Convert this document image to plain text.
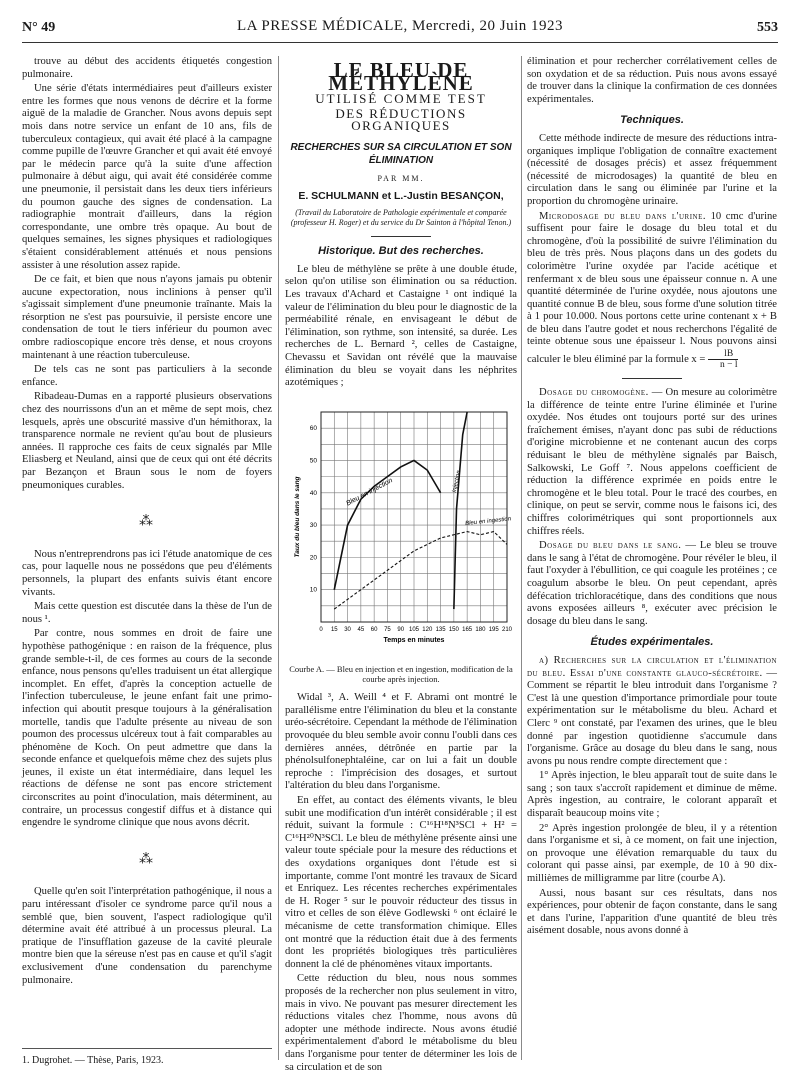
N° 49	LA PRESSE MÉDICALE, Mercredi, 20 Juin 1923	553

trouve au début des accidents étiquetés congestion pulmonaire.

Une série d'états intermédiaires peut d'ailleurs exister entre les formes que nous venons de décrire et la forme aiguë de la maladie de Grancher. Nous avons depuis sept mois dans notre service un enfant de 10 ans, fils de tuberculeux contagieux, qui avait été placé à la campagne comme pupille de l'œuvre Grancher et qui avait été envoyé par le médecin parce qu'à la suite d'une affection pulmonaire à début aigu, qui avait été considérée comme une pneumonie, il persistait dans les deux tiers inférieurs du poumon gauche des signes de condensation. La radiographie montrait d'ailleurs, dans la région correspondante, une ombre très opaque. Au bout de quelques semaines, les signes physiques et radiologiques s'étaient considérablement atténués et nous pensions assister à une résolution assez rapide.

De ce fait, et bien que nous n'ayons jamais pu obtenir aucune expectoration, nous inclinions à penser qu'il s'agissait simplement d'une pneumonie traînante. Mais la résorption ne s'est pas poursuivie, il persiste encore une condensation de tout le tiers inférieur du poumon avec ombre radioscopique encore très dense, et nous croyons maintenant à une réaction tuberculeuse.

De tels cas ne sont pas particuliers à la seconde enfance.

Ribadeau-Dumas en a rapporté plusieurs observations chez des nourrissons d'un an et même de sept mois, chez lesquels, après une obscurité massive d'un hémithorax, la transparence normale ne revient qu'au bout de plusieurs années. Il rapproche ces faits de ceux signalés par Mlle Eliasberg et Neuland, ainsi que de ceux qui ont été décrits par Bezançon et Braun sous le nom de foyers pneumoniques curables.

⁂

Nous n'entreprendrons pas ici l'étude anatomique de ces cas, pour laquelle nous ne possédons que peu d'éléments personnels, la plupart des enfants suivis étant encore vivants.

Mais cette question est discutée dans la thèse de l'un de nous ¹.

Par contre, nous sommes en droit de faire une hypothèse pathogénique : en raison de la fréquence, plus grande semble-t-il, de ces formes au cours de la seconde enfance, nous pensons qu'elles traduisent un état allergique incomplet. En effet, d'après la conception actuelle de l'infection tuberculeuse, le jeune enfant fait une primo-infection qui aboutit presque toujours à la généralisation mortelle, tandis que l'adulte présente au niveau de son poumon des processus ulcéreux tout à fait comparables au phénomène de Koch. On peut admettre que dans la seconde enfance et quelquefois même chez des sujets plus jeunes, il existe un état intermédiaire, dans lequel les réactions de défense ne sont pas encore strictement circonscrites au point d'inoculation, mais déterminent, au contraire, un processus congestif diffus et à distance qui engendre le syndrome clinique que nous avons décrit.

⁂

Quelle qu'en soit l'interprétation pathogénique, il nous a paru intéressant d'isoler ce syndrome parce qu'il nous a semblé que, bien souvent, l'aspect radiologique qu'il détermine avait été attribué à un processus pleural. La pratique de l'insufflation gazeuse de la cavité pleurale montre bien que la séreuse n'est pas en cause et qu'il s'agit exclusivement d'une condensation du parenchyme pulmonaire.

1. Dugrohet. — Thèse, Paris, 1923.
LE BLEU DE MÉTHYLÈNE
UTILISÉ COMME TEST
DES RÉDUCTIONS ORGANIQUES
RECHERCHES SUR SA CIRCULATION ET SON ÉLIMINATION
PAR MM.
E. SCHULMANN et L.-Justin BESANÇON,
(Travail du Laboratoire de Pathologie expérimentale et comparée (professeur H. Roger) et du service du Dr Sainton à l'hôpital Tenon.)
Historique. But des recherches.

Le bleu de méthylène se prête à une double étude, selon qu'on utilise son élimination ou sa réduction. Les travaux d'Achard et Castaigne ¹ ont indiqué la valeur de l'élimination du bleu pour le diagnostic de la perméabilité rénale, en envisageant le début de l'élimination, son rythme, son intensité, sa durée. Les recherches de L. Bernard ², celles de Castaigne, Chevassu et Savidan ont révélé que la mauvaise élimination du bleu se voyait dans les néphrites azotémiques ;

0 15 30 45 60 75 90 105 120 135 150 165 180 195 210
10
20
30
40
50
60
Temps en minutes
Taux du bleu dans le sang	Bleu en injection
Bleu en ingestion
Injection
Courbe A. — Bleu en injection et en ingestion, modification de la courbe après injection.

Widal ³, A. Weill ⁴ et F. Abrami ont montré le parallélisme entre l'élimination du bleu et la constante uréo-sécrétoire. Cependant la méthode de l'élimination provoquée du bleu semble avoir connu l'oubli dans ces dernières années, détrônée en partie par la phénolsulfonephtaléine, car on lui a fait un double reproche : l'imprécision des dosages, et surtout l'altération du bleu dans l'organisme.

En effet, au contact des éléments vivants, le bleu subit une modification d'un intérêt considérable ; il est réduit, suivant la formule : C¹⁶H¹⁸N³SCl + H² = C¹⁶H²⁰N³SCl. Le bleu de méthylène présente ainsi une valeur toute spéciale pour la mesure des réductions et des oxydations organiques dont l'étude est si importante, comme l'ont montré les travaux de Sicard et Enriquez. Les récentes recherches expérimentales de H. Roger ⁵ sur le pouvoir réducteur des tissus in vitro et celles de son élève Godlewski ⁶ ont éclairé le mécanisme de cette transformation chimique. Elles ont montré que la réduction était due à des ferments dont les propriétés biologiques très particulières donnent la clé de phénomènes vitaux importants.

Cette réduction du bleu, nous nous sommes proposés de la rechercher non plus seulement in vitro, mais in vivo. Ne pouvant pas mesurer directement les réductions vitales chez l'homme, nous avons dû adopter une méthode indirecte. Nous avons étudié expérimentalement d'abord le métabolisme du bleu dans l'organisme pour tenter de déterminer les lois de sa circulation et de son

élimination et pour rechercher corrélativement celles de son oxydation et de sa réduction. Puis nous avons essayé de trouver dans la clinique la confirmation de ces données expérimentales.

Techniques.

Cette méthode indirecte de mesure des réductions intra-organiques implique l'obligation de connaître exactement (nécessité de dosages précis) et assez fréquemment (nécessité de microdosages) la quantité de bleu en circulation dans le sang ou éliminée par l'urine et la proportion du chromogène urinaire.

Microdosage du bleu dans l'urine. 10 cmc d'urine suffisent pour faire le dosage du bleu total et du chromogène, d'où la possibilité de suivre l'élimination du bleu de très près. Nous plaçons dans un des godets du colorimètre l'urine oxydée par l'acide acétique et renfermant x de bleu sous une épaisseur connue n. A une quantité déterminée de l'urine oxydée, nous ajoutons une quantité connue B de bleu, sous forme d'une solution titrée à 1 pour 10.000. Nous portons cette urine contenant x + B de bleu dans l'autre godet et nous recherchons l'égalité de teinte obtenue sous une épaisseur l. Nous pouvons ainsi calculer le bleu éliminé par la formule $x = \frac{lB}{n - l}$

Dosage du chromogène. — On mesure au colorimètre la différence de teinte entre l'urine éliminée et l'urine oxydée. Nos études ont toujours porté sur des urines fraîchement émises, n'ayant donc pas subi de réductions d'origine microbienne et ne contenant aucun des corps réduisant le bleu de méthylène signalés par Baisch, Salkowski, Le Goff ⁷. Nous appelons coefficient de réduction la différence exprimée en poids entre le chromogène et le bleu total. Pour le tracé des courbes, en clinique, on peut se servir, comme nous le faisons ici, des chiffres colorimétriques qui sont proportionnels aux chiffres réels.

Dosage du bleu dans le sang. — Le bleu se trouve dans le sang à l'état de chromogène. Pour révéler le bleu, il faut l'oxyder à l'ébullition, ce qui coagule les protéines ; ce coagulum absorbe le bleu. On peut cependant, après défécation trichloracétique, dans des conditions que nous avons exposées ailleurs ⁸, exécuter avec précision le dosage du bleu dans le sang.

Études expérimentales.

a) Recherches sur la circulation et l'élimination du bleu. Essai d'une constante glauco-sécrétoire. — Comment se répartit le bleu introduit dans l'organisme ? C'est là une question d'importance primordiale pour toute expérimentation sur le métabolisme du bleu. Achard et Clerc ⁹ ont constaté, par l'examen des urines, que le bleu donné par ingestion quotidienne s'accumule dans l'organisme. Grâce au dosage du bleu dans le sang, nous avons pu nous rendre compte directement que :

1° Après injection, le bleu apparaît tout de suite dans le sang ; son taux s'accroît rapidement et diminue de même. Après ingestion, au contraire, le colorant apparaît et disparaît beaucoup moins vite ;

2° Après ingestion prolongée de bleu, il y a rétention dans l'organisme et si, à ce moment, on fait une injection, on provoque une élévation remarquable du taux du colorant qui passe ainsi, par exemple, de 10 à 90 dix-millièmes de milligramme par litre (courbe A).

Aussi, nous basant sur ces résultats, dans nos expériences, pour obtenir de façon constante, dans le sang et dans l'urine, l'apparition d'une quantité de bleu très aisément dosable, nous avons donné à
